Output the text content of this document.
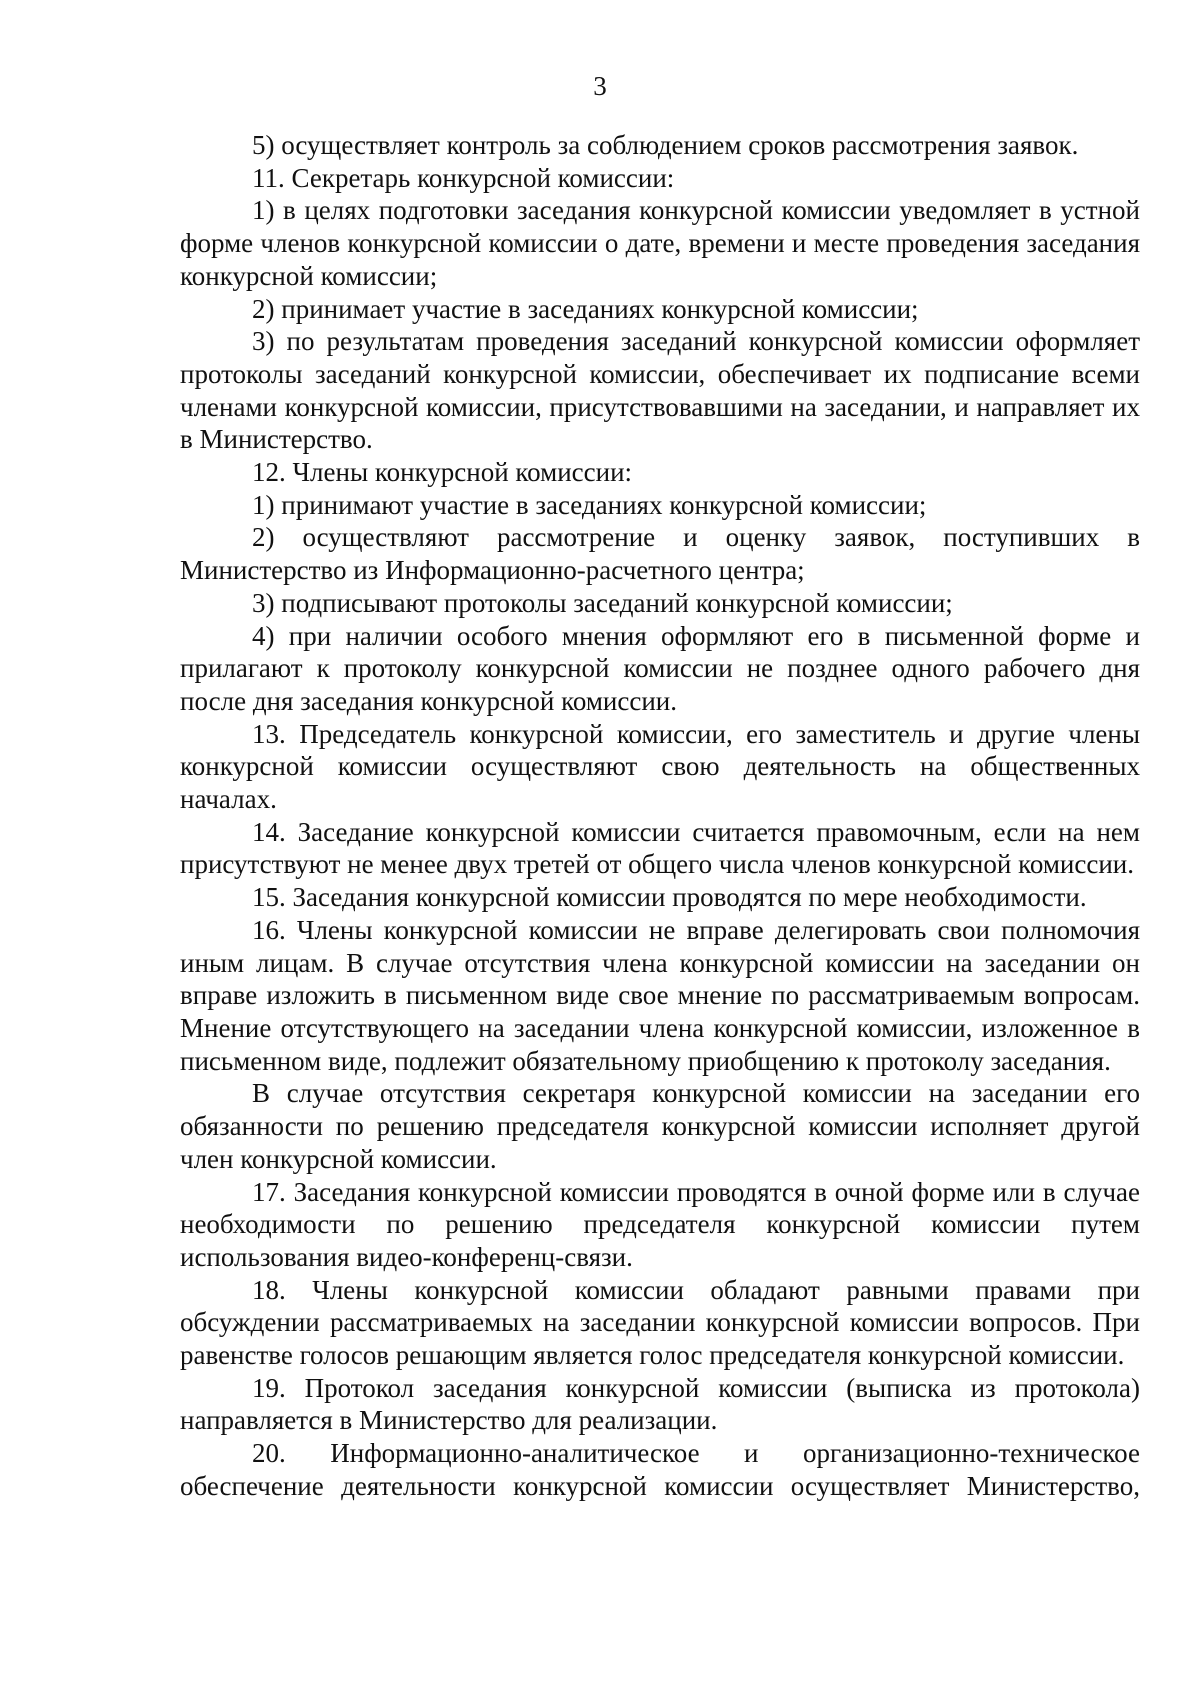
3

5) осуществляет контроль за соблюдением сроков рассмотрения заявок.

11. Секретарь конкурсной комиссии:

1) в целях подготовки заседания конкурсной комиссии уведомляет в устной форме членов конкурсной комиссии о дате, времени и месте проведения заседания конкурсной комиссии;

2) принимает участие в заседаниях конкурсной комиссии;

3) по результатам проведения заседаний конкурсной комиссии оформляет протоколы заседаний конкурсной комиссии, обеспечивает их подписание всеми членами конкурсной комиссии, присутствовавшими на заседании, и направляет их в Министерство.

12. Члены конкурсной комиссии:

1) принимают участие в заседаниях конкурсной комиссии;

2) осуществляют рассмотрение и оценку заявок, поступивших в Министерство из Информационно-расчетного центра;

3) подписывают протоколы заседаний конкурсной комиссии;

4) при наличии особого мнения оформляют его в письменной форме и прилагают к протоколу конкурсной комиссии не позднее одного рабочего дня после дня заседания конкурсной комиссии.

13. Председатель конкурсной комиссии, его заместитель и другие члены конкурсной комиссии осуществляют свою деятельность на общественных началах.

14. Заседание конкурсной комиссии считается правомочным, если на нем присутствуют не менее двух третей от общего числа членов конкурсной комиссии.

15. Заседания конкурсной комиссии проводятся по мере необходимости.

16. Члены конкурсной комиссии не вправе делегировать свои полномочия иным лицам. В случае отсутствия члена конкурсной комиссии на заседании он вправе изложить в письменном виде свое мнение по рассматриваемым вопросам. Мнение отсутствующего на заседании члена конкурсной комиссии, изложенное в письменном виде, подлежит обязательному приобщению к протоколу заседания.

В случае отсутствия секретаря конкурсной комиссии на заседании его обязанности по решению председателя конкурсной комиссии исполняет другой член конкурсной комиссии.

17. Заседания конкурсной комиссии проводятся в очной форме или в случае необходимости по решению председателя конкурсной комиссии путем использования видео-конференц-связи.

18. Члены конкурсной комиссии обладают равными правами при обсуждении рассматриваемых на заседании конкурсной комиссии вопросов. При равенстве голосов решающим является голос председателя конкурсной комиссии.

19. Протокол заседания конкурсной комиссии (выписка из протокола) направляется в Министерство для реализации.

20. Информационно-аналитическое и организационно-техническое обеспечение деятельности конкурсной комиссии осуществляет Министерство,
